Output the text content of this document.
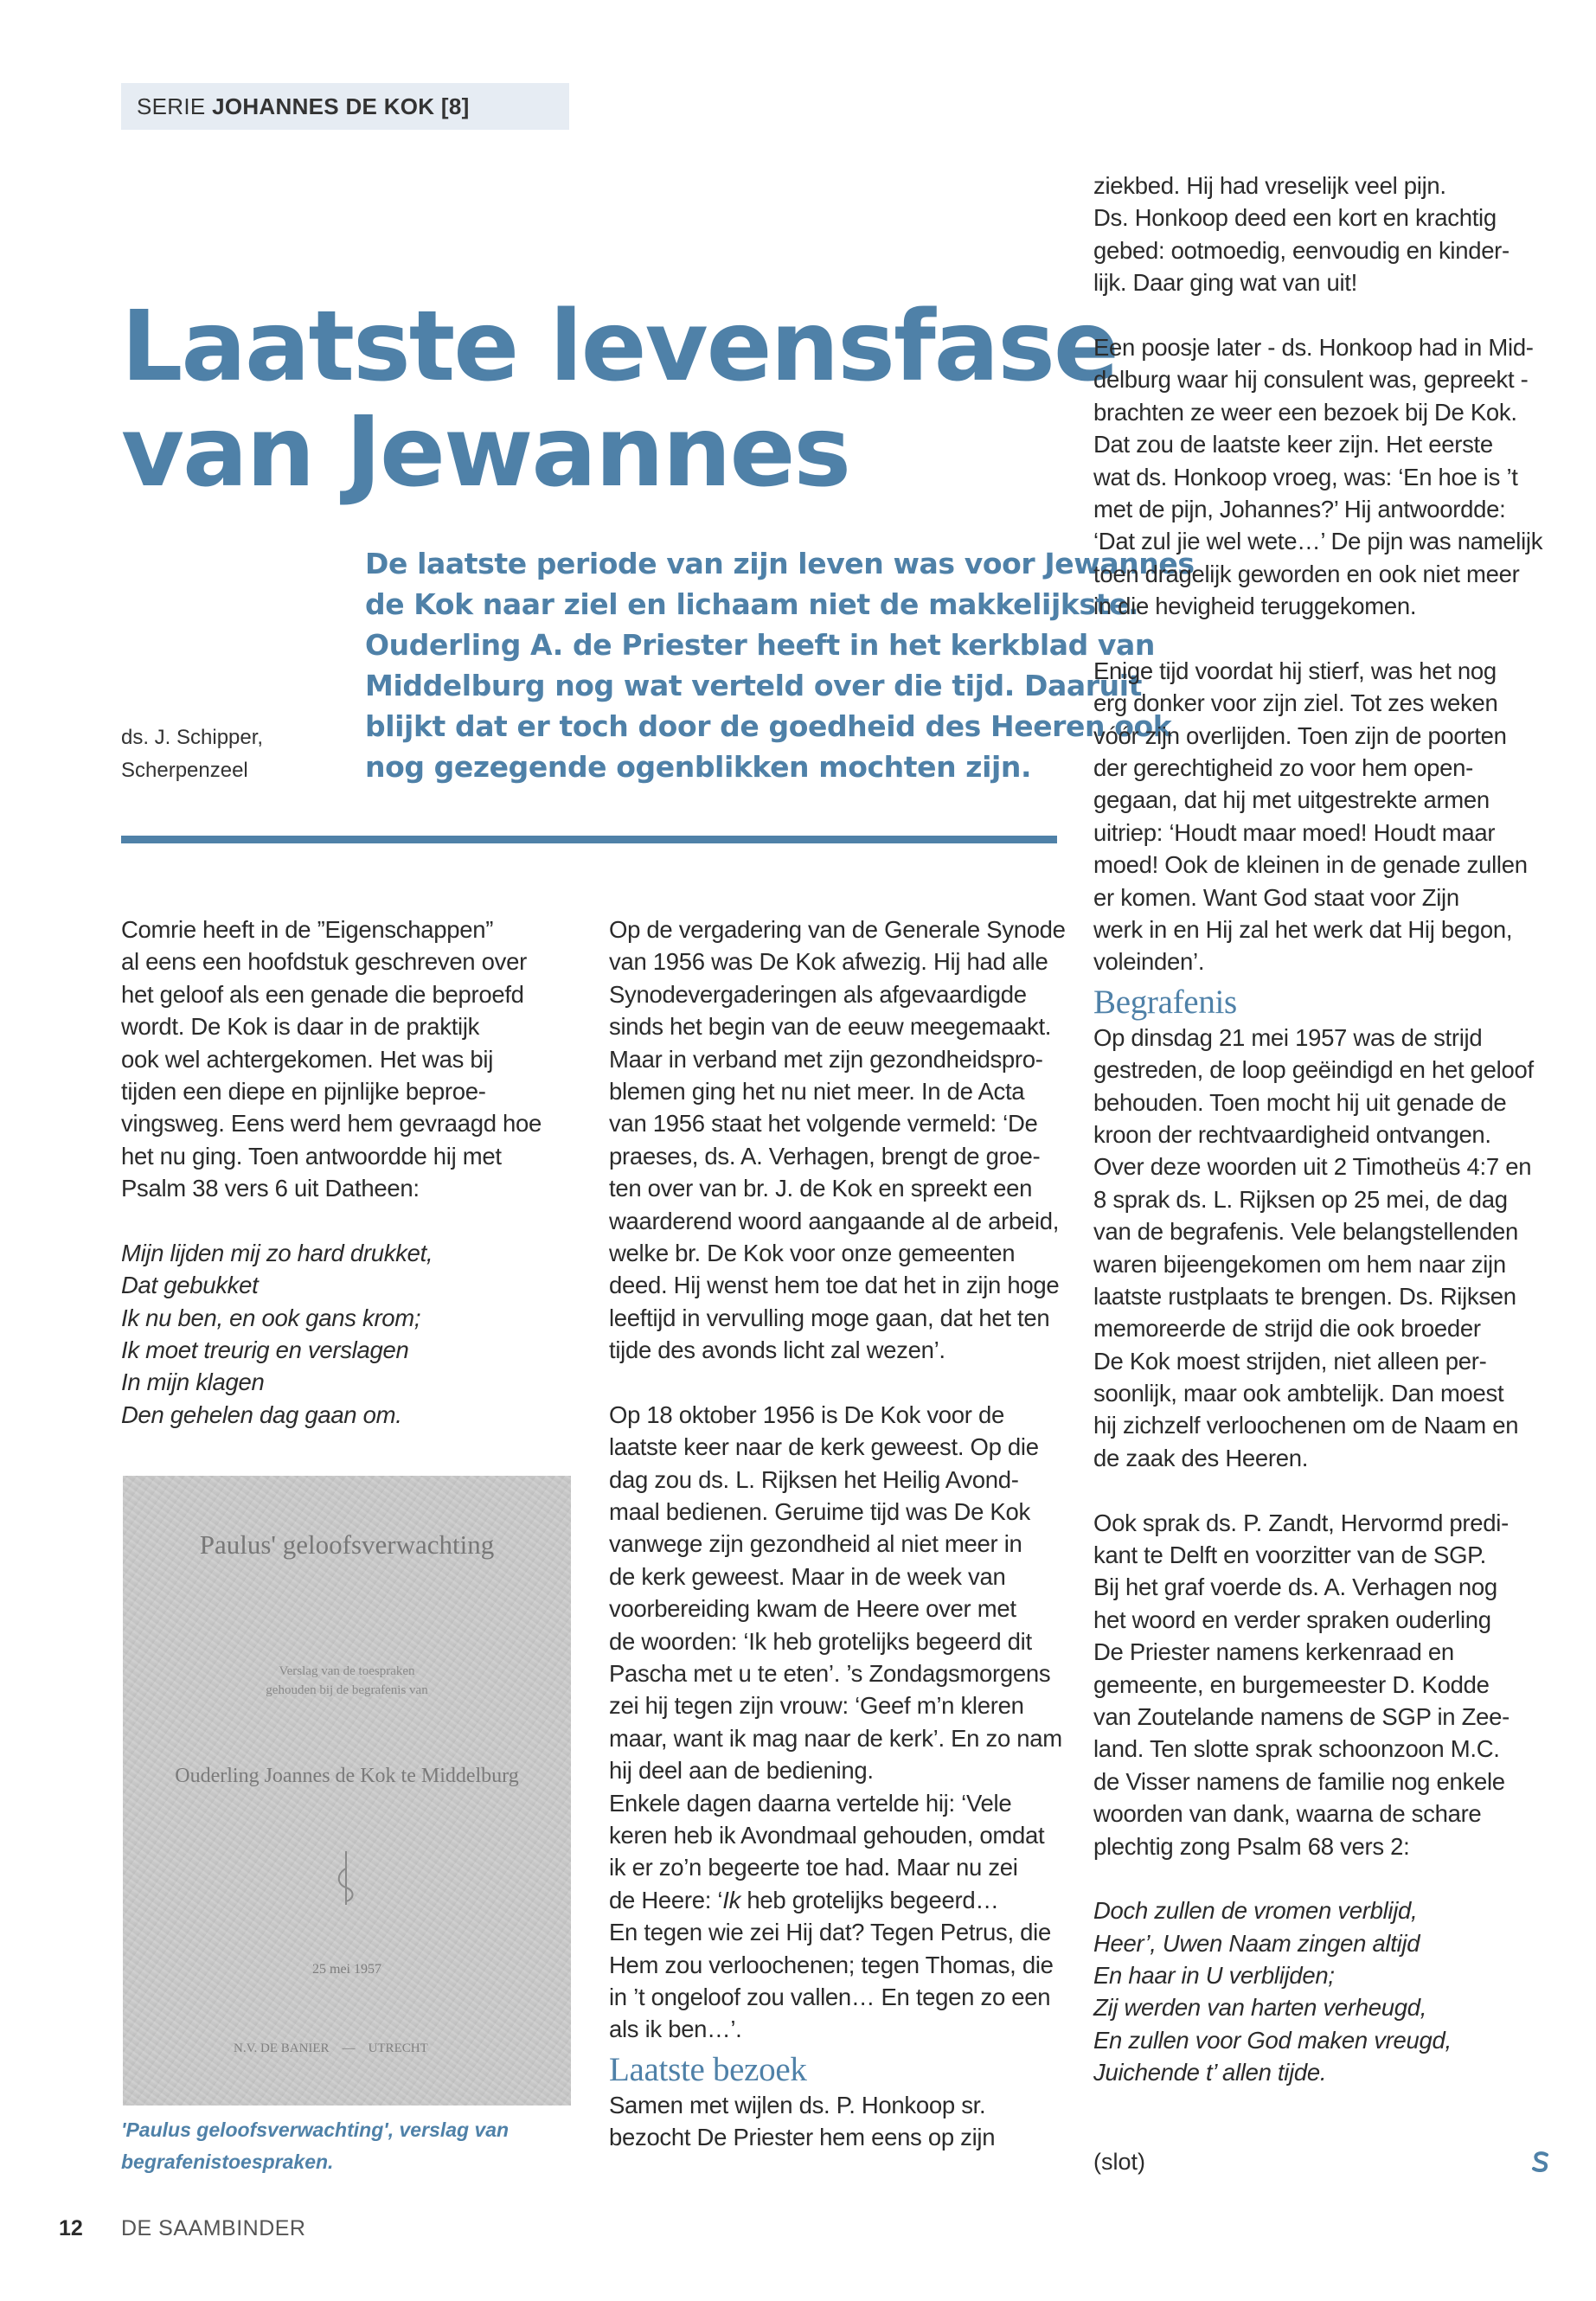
SERIE JOHANNES DE KOK [8]
Laatste levensfase
van Jewannes
De laatste periode van zijn leven was voor Jewannes
de Kok naar ziel en lichaam niet de makkelijkste.
Ouderling A. de Priester heeft in het kerkblad van
Middelburg nog wat verteld over die tijd. Daaruit
blijkt dat er toch door de goedheid des Heeren ook
nog gezegende ogenblikken mochten zijn.
ds. J. Schipper,
Scherpenzeel
Comrie heeft in de ”Eigenschappen”
al eens een hoofdstuk geschreven over
het geloof als een genade die beproefd
wordt. De Kok is daar in de praktijk
ook wel achtergekomen. Het was bij
tijden een diepe en pijnlijke beproe-
vingsweg. Eens werd hem gevraagd hoe
het nu ging. Toen antwoordde hij met
Psalm 38 vers 6 uit Datheen:
Mijn lijden mij zo hard drukket,
Dat gebukket
Ik nu ben, en ook gans krom;
Ik moet treurig en verslagen
In mijn klagen
Den gehelen dag gaan om.
Paulus' geloofsverwachting
Verslag van de toespraken
gehouden bij de begrafenis van
Ouderling Joannes de Kok te Middelburg
25 mei 1957
N.V. DE BANIER — UTRECHT
'Paulus geloofsverwachting', verslag van
begrafenistoespraken.
Op de vergadering van de Generale Synode
van 1956 was De Kok afwezig. Hij had alle
Synodevergaderingen als afgevaardigde
sinds het begin van de eeuw meegemaakt.
Maar in verband met zijn gezondheidspro-
blemen ging het nu niet meer. In de Acta
van 1956 staat het volgende vermeld: ‘De
praeses, ds. A. Verhagen, brengt de groe-
ten over van br. J. de Kok en spreekt een
waarderend woord aangaande al de arbeid,
welke br. De Kok voor onze gemeenten
deed. Hij wenst hem toe dat het in zijn hoge
leeftijd in vervulling moge gaan, dat het ten
tijde des avonds licht zal wezen’.
Op 18 oktober 1956 is De Kok voor de
laatste keer naar de kerk geweest. Op die
dag zou ds. L. Rijksen het Heilig Avond-
maal bedienen. Geruime tijd was De Kok
vanwege zijn gezondheid al niet meer in
de kerk geweest. Maar in de week van
voorbereiding kwam de Heere over met
de woorden: ‘Ik heb grotelijks begeerd dit
Pascha met u te eten’. ’s Zondagsmorgens
zei hij tegen zijn vrouw: ‘Geef m’n kleren
maar, want ik mag naar de kerk’. En zo nam
hij deel aan de bediening.
Enkele dagen daarna vertelde hij: ‘Vele
keren heb ik Avondmaal gehouden, omdat
ik er zo’n begeerte toe had. Maar nu zei
de Heere: ‘Ik heb grotelijks begeerd…
En tegen wie zei Hij dat? Tegen Petrus, die
Hem zou verloochenen; tegen Thomas, die
in ’t ongeloof zou vallen… En tegen zo een
als ik ben…’.
Laatste bezoek
Samen met wijlen ds. P. Honkoop sr.
bezocht De Priester hem eens op zijn
ziekbed. Hij had vreselijk veel pijn.
Ds. Honkoop deed een kort en krachtig
gebed: ootmoedig, eenvoudig en kinder-
lijk. Daar ging wat van uit!
Een poosje later - ds. Honkoop had in Mid-
delburg waar hij consulent was, gepreekt -
brachten ze weer een bezoek bij De Kok.
Dat zou de laatste keer zijn. Het eerste
wat ds. Honkoop vroeg, was: ‘En hoe is ’t
met de pijn, Johannes?’ Hij antwoordde:
‘Dat zul jie wel wete…’ De pijn was namelijk
toen dragelijk geworden en ook niet meer
in die hevigheid teruggekomen.
Enige tijd voordat hij stierf, was het nog
erg donker voor zijn ziel. Tot zes weken
vóór zijn overlijden. Toen zijn de poorten
der gerechtigheid zo voor hem open-
gegaan, dat hij met uitgestrekte armen
uitriep: ‘Houdt maar moed! Houdt maar
moed! Ook de kleinen in de genade zullen
er komen. Want God staat voor Zijn
werk in en Hij zal het werk dat Hij begon,
voleinden’.
Begrafenis
Op dinsdag 21 mei 1957 was de strijd
gestreden, de loop geëindigd en het geloof
behouden. Toen mocht hij uit genade de
kroon der rechtvaardigheid ontvangen.
Over deze woorden uit 2 Timotheüs 4:7 en
8 sprak ds. L. Rijksen op 25 mei, de dag
van de begrafenis. Vele belangstellenden
waren bijeengekomen om hem naar zijn
laatste rustplaats te brengen. Ds. Rijksen
memoreerde de strijd die ook broeder
De Kok moest strijden, niet alleen per-
soonlijk, maar ook ambtelijk. Dan moest
hij zichzelf verloochenen om de Naam en
de zaak des Heeren.
Ook sprak ds. P. Zandt, Hervormd predi-
kant te Delft en voorzitter van de SGP.
Bij het graf voerde ds. A. Verhagen nog
het woord en verder spraken ouderling
De Priester namens kerkenraad en
gemeente, en burgemeester D. Kodde
van Zoutelande namens de SGP in Zee-
land. Ten slotte sprak schoonzoon M.C.
de Visser namens de familie nog enkele
woorden van dank, waarna de schare
plechtig zong Psalm 68 vers 2:
Doch zullen de vromen verblijd,
Heer’, Uwen Naam zingen altijd
En haar in U verblijden;
Zij werden van harten verheugd,
En zullen voor God maken vreugd,
Juichende t’ allen tijde.
(slot)
12 DE SAAMBINDER
